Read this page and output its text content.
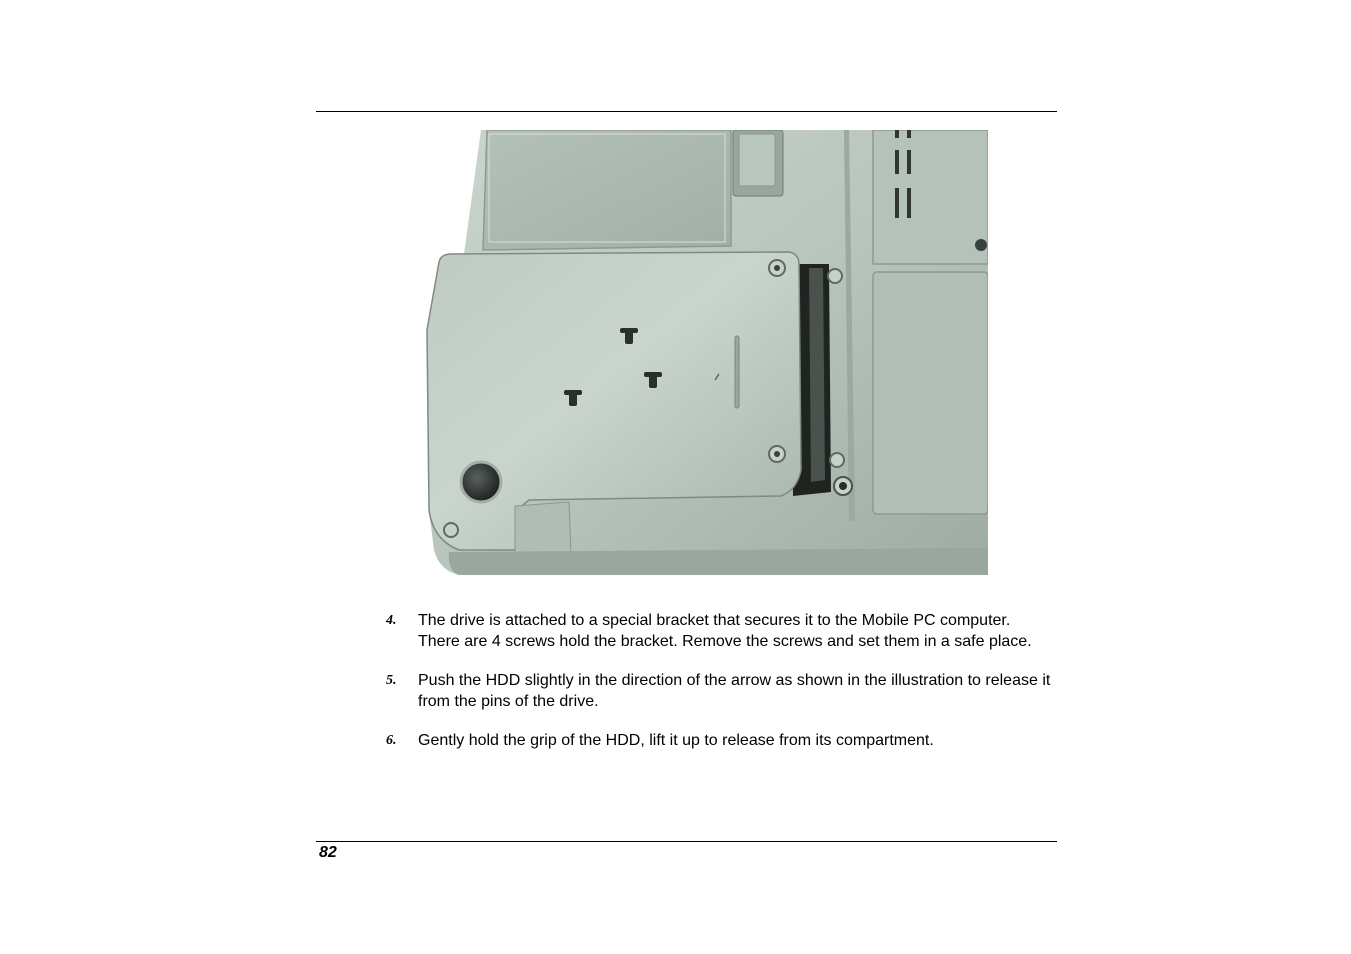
4. The drive is attached to a special bracket that secures it to the Mobile PC computer. There are 4 screws hold the bracket. Remove the screws and set them in a safe place.
5. Push the HDD slightly in the direction of the arrow as shown in the illustration to release it from the pins of the drive.
6. Gently hold the grip of the HDD, lift it up to release from its compartment.
82
